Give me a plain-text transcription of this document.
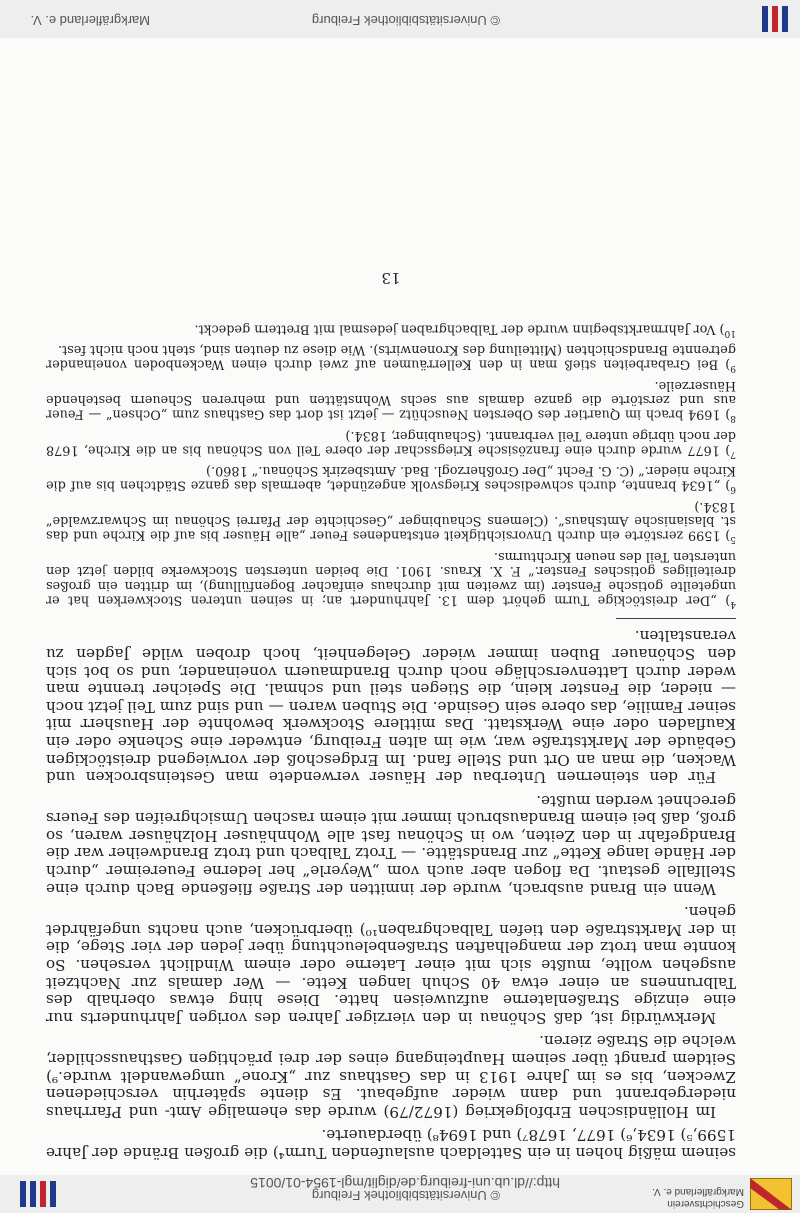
Geschichtsverein
Markgräflerland e. V.
© Universitätsbibliothek Freiburg
http://dl.ub.uni-freiburg.de/diglit/mgl-1954-01/0015

seinem mäßig hohen in ein Satteldach auslaufenden Turm⁴) die großen Brände der Jahre 1599,⁵) 1634,⁶) 1677, 1678⁷) und 1694⁸) überdauerte.

Im Holländischen Erbfolgekrieg (1672/79) wurde das ehemalige Amt- und Pfarrhaus niedergebrannt und dann wieder aufgebaut. Es diente späterhin verschiedenen Zwecken, bis es im Jahre 1913 in das Gasthaus zur „Krone“ umgewandelt wurde.⁹) Seitdem prangt über seinem Haupteingang eines der drei prächtigen Gasthausschilder, welche die Straße zieren.

Merkwürdig ist, daß Schönau in den vierziger Jahren des vorigen Jahrhunderts nur eine einzige Straßenlaterne aufzuweisen hatte. Diese hing etwas oberhalb des Talbrunnens an einer etwa 40 Schuh langen Kette. — Wer damals zur Nachtzeit ausgehen wollte, mußte sich mit einer Laterne oder einem Windlicht versehen. So konnte man trotz der mangelhaften Straßenbeleuchtung über jeden der vier Stege, die in der Marktstraße den tiefen Talbachgraben¹⁰) überbrücken, auch nachts ungefährdet gehen.

Wenn ein Brand ausbrach, wurde der inmitten der Straße fließende Bach durch eine Stellfalle gestaut. Da flogen aber auch vom „Weyerle“ her lederne Feuereimer „durch der Hände lange Kette“ zur Brandstätte. — Trotz Talbach und trotz Brandweiher war die Brandgefahr in den Zeiten, wo in Schönau fast alle Wohnhäuser Holzhäuser waren, so groß, daß bei einem Brandausbruch immer mit einem raschen Umsichgreifen des Feuers gerechnet werden mußte.

Für den steinernen Unterbau der Häuser verwendete man Gesteinsbrocken und Wacken, die man an Ort und Stelle fand. Im Erdgeschoß der vorwiegend dreistöckigen Gebäude der Marktstraße war, wie im alten Freiburg, entweder eine Schenke oder ein Kaufladen oder eine Werkstatt. Das mittlere Stockwerk bewohnte der Hausherr mit seiner Familie, das obere sein Gesinde. Die Stuben waren — und sind zum Teil jetzt noch — nieder, die Fenster klein, die Stiegen steil und schmal. Die Speicher trennte man weder durch Lattenverschläge noch durch Brandmauern voneinander, und so bot sich den Schönauer Buben immer wieder Gelegenheit, hoch droben wilde Jagden zu veranstalten.

$^4$) „Der dreistöckige Turm gehört dem 13. Jahrhundert an; in seinen unteren Stockwerken hat er ungeteilte gotische Fenster (im zweiten mit durchaus einfacher Bogenfüllung), im dritten ein großes dreiteiliges gotisches Fenster.“ F. X. Kraus. 1901. Die beiden untersten Stockwerke bilden jetzt den untersten Teil des neuen Kirchturms.

$^5$) 1599 zerstörte ein durch Unvorsichtigkeit entstandenes Feuer „alle Häuser bis auf die Kirche und das st. blasianische Amtshaus“. (Clemens Schaubinger „Geschichte der Pfarrei Schönau im Schwarzwalde“ 1834.)

$^6$) „1634 brannte, durch schwedisches Kriegsvolk angezündet, abermals das ganze Städtchen bis auf die Kirche nieder.“ (C. G. Fecht „Der Großherzogl. Bad. Amtsbezirk Schönau.“ 1860.)

$^7$) 1677 wurde durch eine französische Kriegsschar der obere Teil von Schönau bis an die Kirche, 1678 der noch übrige untere Teil verbrannt. (Schaubinger, 1834.)

$^8$) 1694 brach im Quartier des Obersten Neuschütz — jetzt ist dort das Gasthaus zum „Ochsen“ — Feuer aus und zerstörte die ganze damals aus sechs Wohnstätten und mehreren Scheuern bestehende Häuserzeile.

$^9$) Bei Grabarbeiten stieß man in den Kellerräumen auf zwei durch einen Wackenboden voneinander getrennte Brandschichten (Mitteilung des Kronenwirts). Wie diese zu deuten sind, steht noch nicht fest.

$^{10}$) Vor Jahrmarktsbeginn wurde der Talbachgraben jedesmal mit Brettern gedeckt.

13
© Universitätsbibliothek Freiburg
Markgräflerland e. V.
